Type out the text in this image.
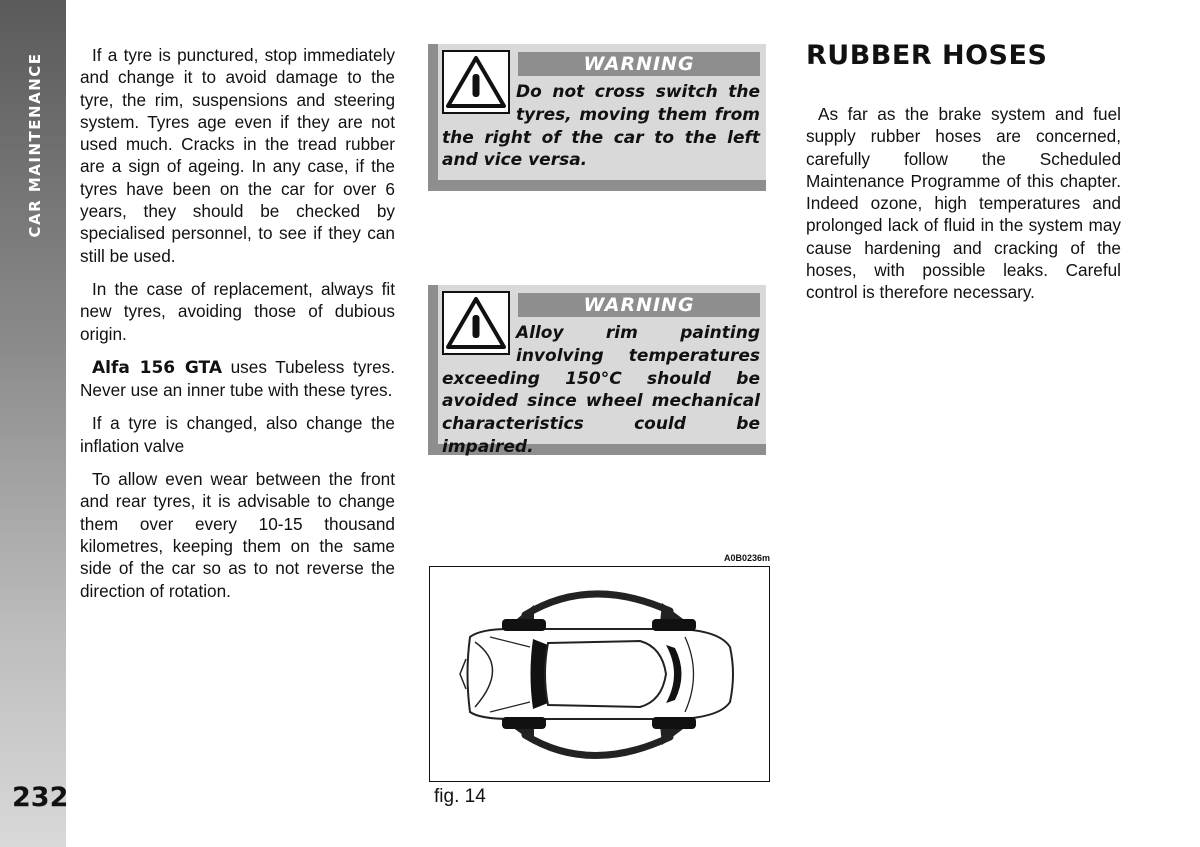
CAR MAINTENANCE
232

If a tyre is punctured, stop immediately and change it to avoid damage to the tyre, the rim, suspensions and steering system. Tyres age even if they are not used much. Cracks in the tread rubber are a sign of ageing. In any case, if the tyres have been on the car for over 6 years, they should be checked by specialised personnel, to see if they can still be used.

In the case of replacement, always fit new tyres, avoiding those of dubious origin.

Alfa 156 GTA uses Tubeless tyres. Never use an inner tube with these tyres.

If a tyre is changed, also change the inflation valve

To allow even wear between the front and rear tyres, it is advisable to change them over every 10-15 thousand kilometres, keeping them on the same side of the car so as to not reverse the direction of rotation.

WARNING
Do not cross switch the tyres, moving them from the right of the car to the left and vice versa.
WARNING
Alloy rim painting involving temperatures exceeding 150°C should be avoided since wheel mechanical characteristics could be impaired.
A0B0236m
fig. 14
RUBBER HOSES

As far as the brake system and fuel supply rubber hoses are concerned, carefully follow the Scheduled Maintenance Programme of this chapter. Indeed ozone, high temperatures and prolonged lack of fluid in the system may cause hardening and cracking of the hoses, with possible leaks. Careful control is therefore necessary.
